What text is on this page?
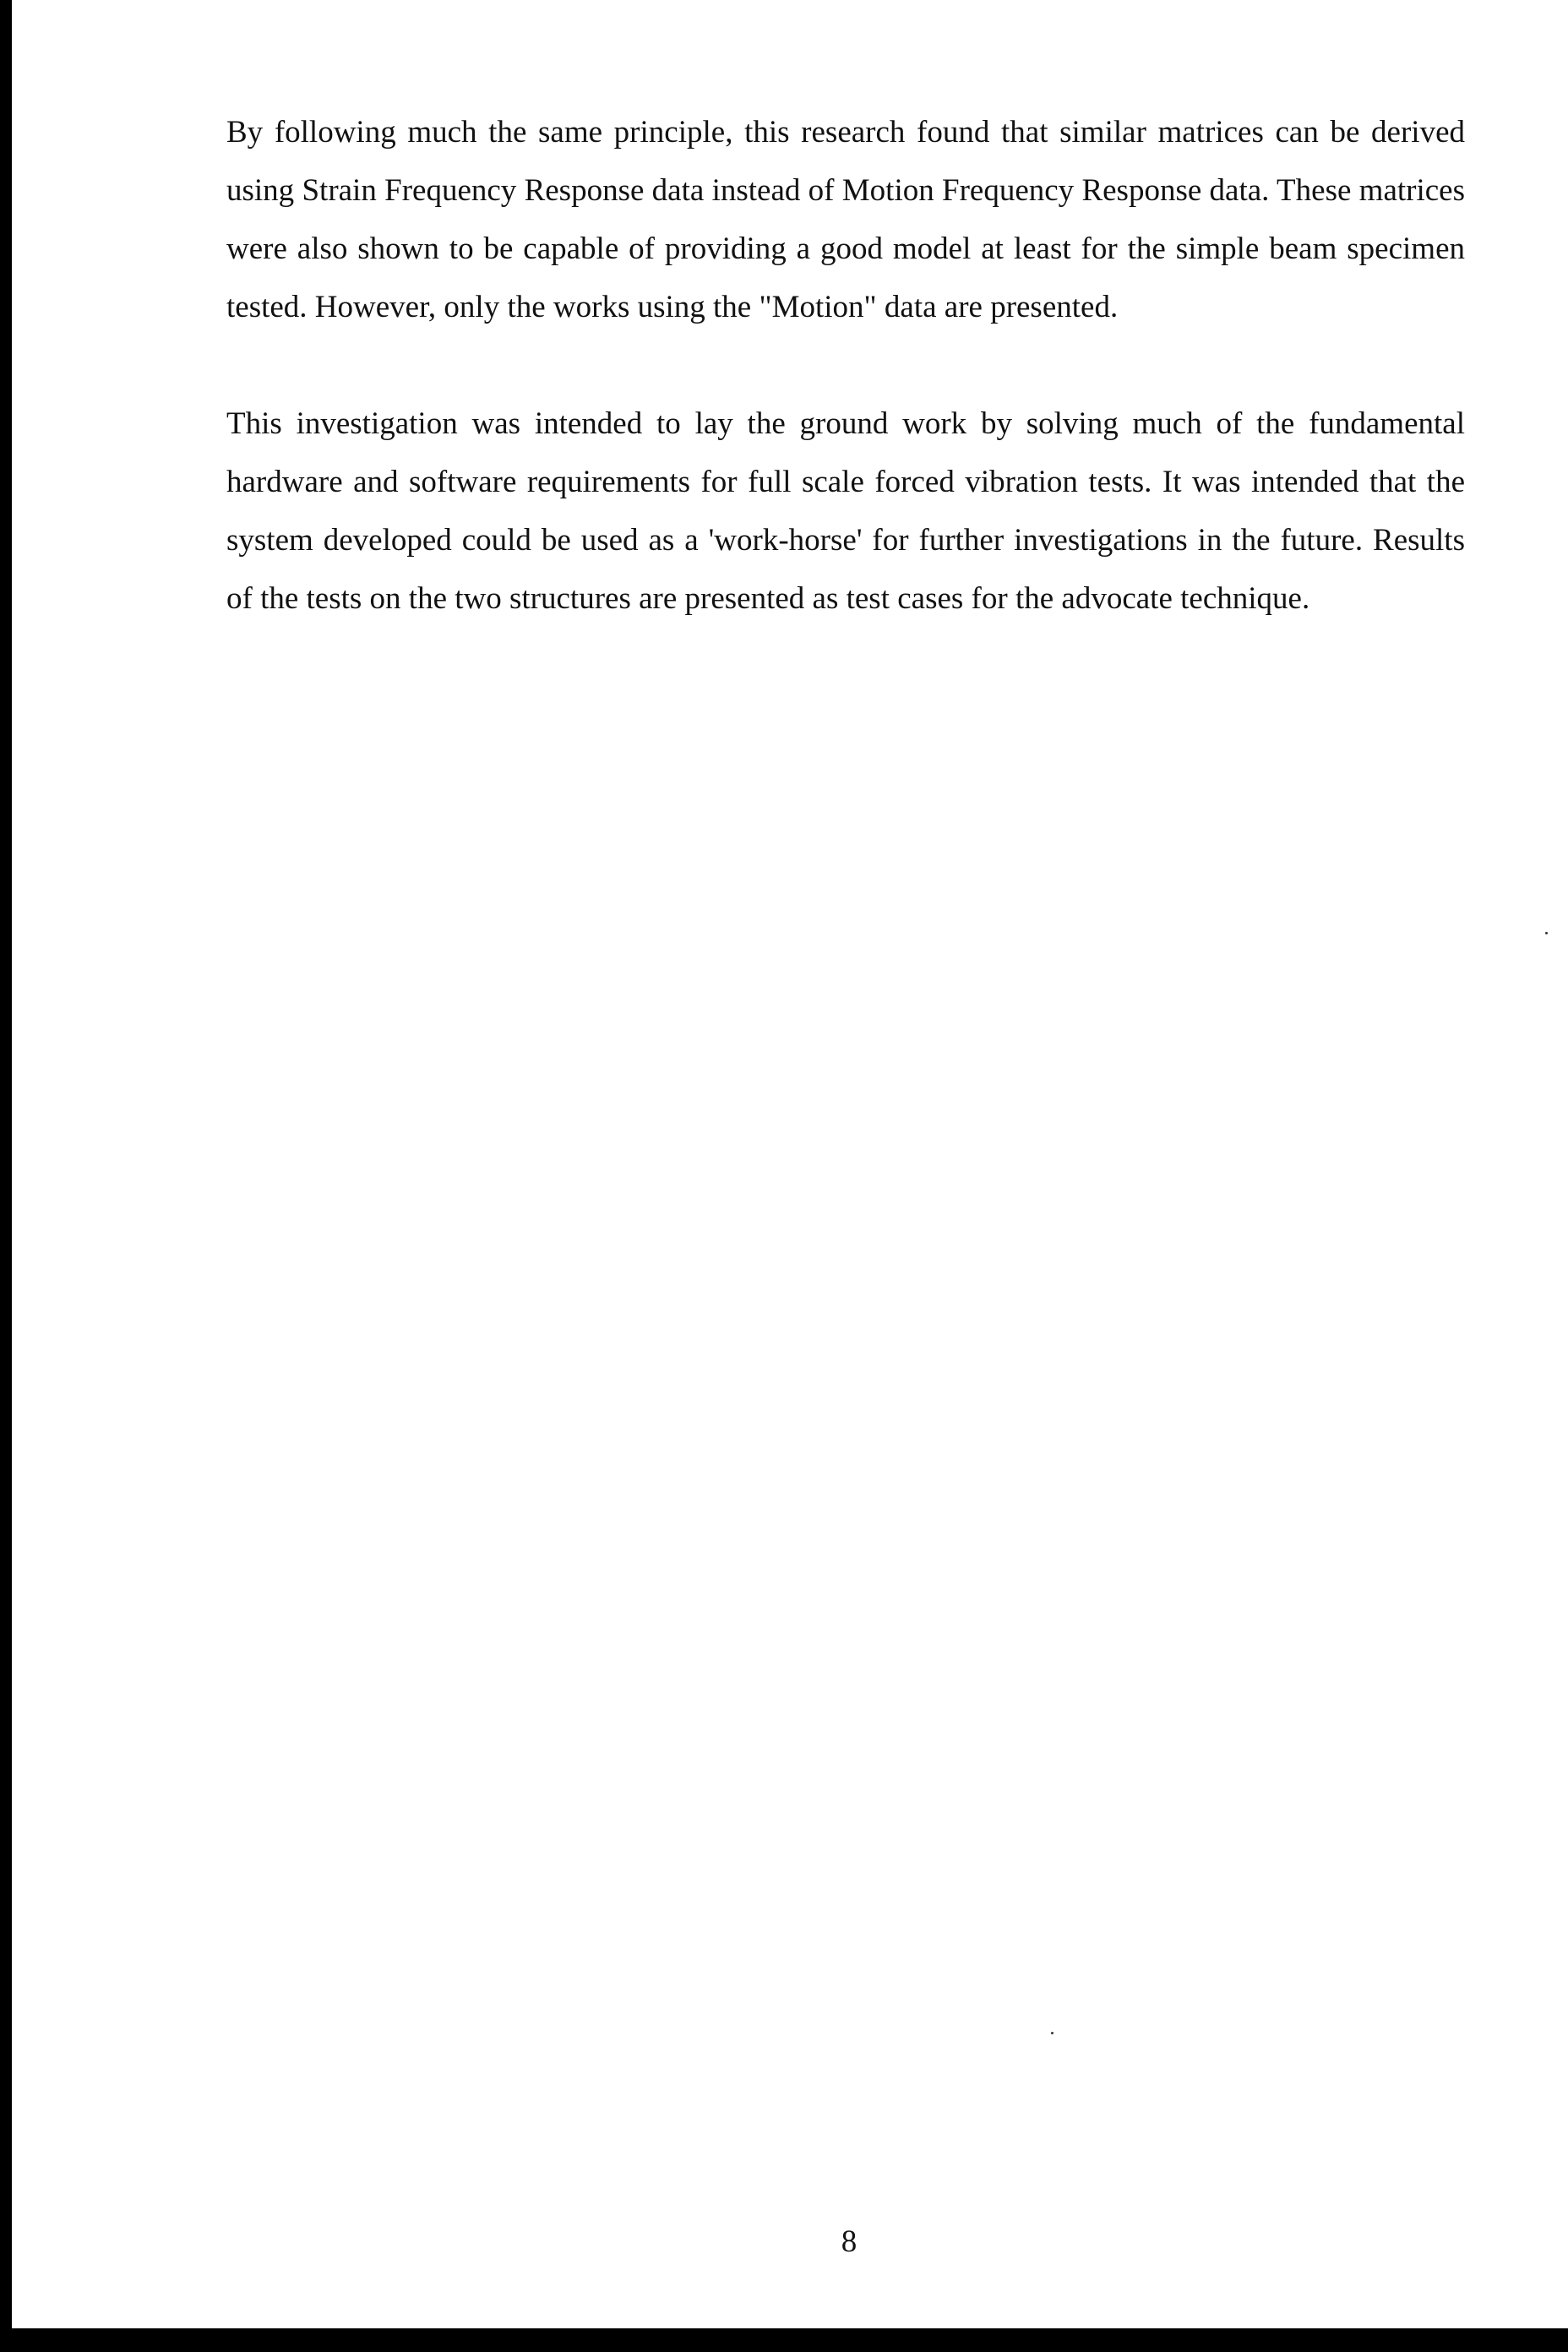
By following much the same principle, this research found that similar matrices can be derived using Strain Frequency Response data instead of Motion Frequency Response data. These matrices were also shown to be capable of providing a good model at least for the simple beam specimen tested. However, only the works using the "Motion" data are presented.

This investigation was intended to lay the ground work by solving much of the fundamental hardware and software requirements for full scale forced vibration tests. It was intended that the system developed could be used as a 'work-horse' for further investigations in the future. Results of the tests on the two structures are presented as test cases for the advocate technique.

8
